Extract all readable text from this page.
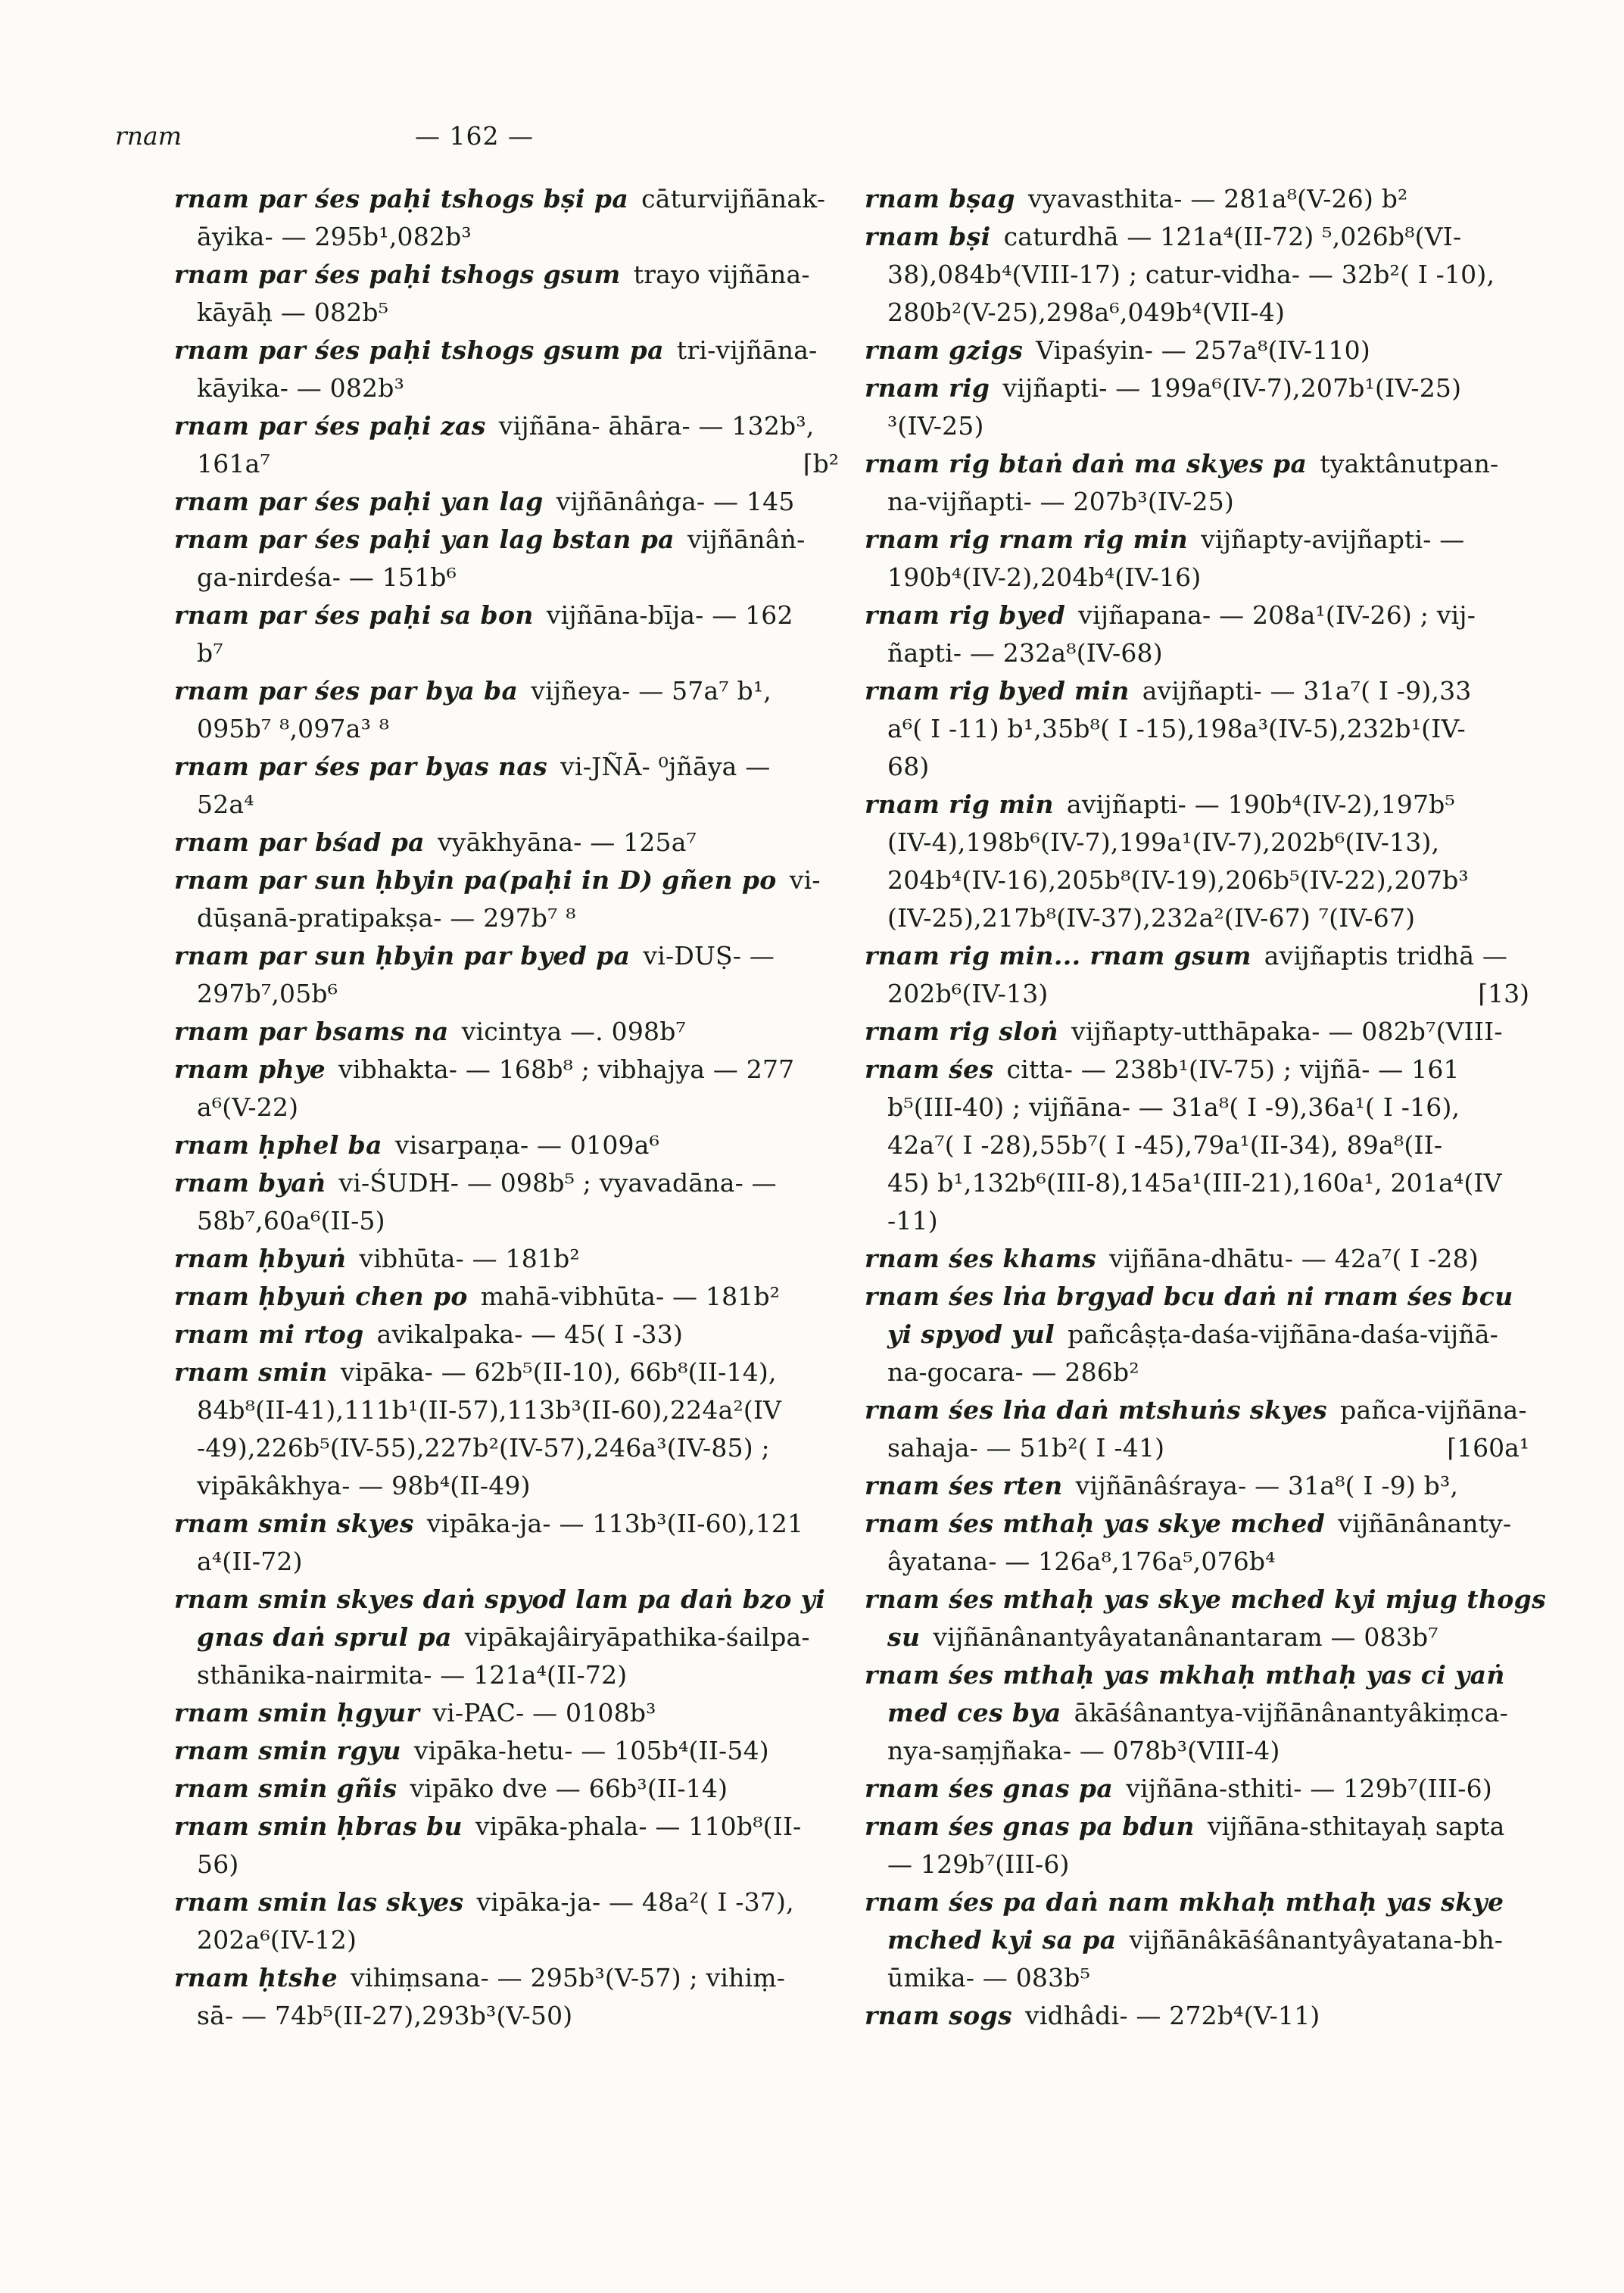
rnam	— 162 —
rnam par śes paḥi tshogs bṣi pa cāturvijñānak-
āyika- — 295b¹,082b³
rnam par śes paḥi tshogs gsum trayo vijñāna-
kāyāḥ — 082b⁵
rnam par śes paḥi tshogs gsum pa tri-vijñāna-
kāyika- — 082b³
rnam par śes paḥi zas vijñāna- āhāra- — 132b³,
⌈b²
161a⁷
rnam par śes paḥi yan lag vijñānâṅga- — 145
rnam par śes paḥi yan lag bstan pa vijñānâṅ-
ga-nirdeśa- — 151b⁶
rnam par śes paḥi sa bon vijñāna-bīja- — 162
b⁷
rnam par śes par bya ba vijñeya- — 57a⁷ b¹,
095b⁷ ⁸,097a³ ⁸
rnam par śes par byas nas vi-JÑĀ- ⁰jñāya —
52a⁴
rnam par bśad pa vyākhyāna- — 125a⁷
rnam par sun ḥbyin pa(paḥi in D) gñen po vi-
dūṣanā-pratipakṣa- — 297b⁷ ⁸
rnam par sun ḥbyin par byed pa vi-DUṢ- —
297b⁷,05b⁶
rnam par bsams na vicintya —. 098b⁷
rnam phye vibhakta- — 168b⁸ ; vibhajya — 277
a⁶(V-22)
rnam ḥphel ba visarpaṇa- — 0109a⁶
rnam byaṅ vi-ŚUDH- — 098b⁵ ; vyavadāna- —
58b⁷,60a⁶(II-5)
rnam ḥbyuṅ vibhūta- — 181b²
rnam ḥbyuṅ chen po mahā-vibhūta- — 181b²
rnam mi rtog avikalpaka- — 45( I -33)
rnam smin vipāka- — 62b⁵(II-10), 66b⁸(II-14),
84b⁸(II-41),111b¹(II-57),113b³(II-60),224a²(IV
-49),226b⁵(IV-55),227b²(IV-57),246a³(IV-85) ;
vipākâkhya- — 98b⁴(II-49)
rnam smin skyes vipāka-ja- — 113b³(II-60),121
a⁴(II-72)
rnam smin skyes daṅ spyod lam pa daṅ bzo yi
gnas daṅ sprul pa vipākajâiryāpathika-śailpa-
sthānika-nairmita- — 121a⁴(II-72)
rnam smin ḥgyur vi-PAC- — 0108b³
rnam smin rgyu vipāka-hetu- — 105b⁴(II-54)
rnam smin gñis vipāko dve — 66b³(II-14)
rnam smin ḥbras bu vipāka-phala- — 110b⁸(II-
56)
rnam smin las skyes vipāka-ja- — 48a²( I -37),
202a⁶(IV-12)
rnam ḥtshe vihiṃsana- — 295b³(V-57) ; vihiṃ-
sā- — 74b⁵(II-27),293b³(V-50)
rnam bṣag vyavasthita- — 281a⁸(V-26) b²
rnam bṣi caturdhā — 121a⁴(II-72) ⁵,026b⁸(VI-
38),084b⁴(VIII-17) ; catur-vidha- — 32b²( I -10),
280b²(V-25),298a⁶,049b⁴(VII-4)
rnam gzigs Vipaśyin- — 257a⁸(IV-110)
rnam rig vijñapti- — 199a⁶(IV-7),207b¹(IV-25)
³(IV-25)
rnam rig btaṅ daṅ ma skyes pa tyaktânutpan-
na-vijñapti- — 207b³(IV-25)
rnam rig rnam rig min vijñapty-avijñapti- —
190b⁴(IV-2),204b⁴(IV-16)
rnam rig byed vijñapana- — 208a¹(IV-26) ; vij-
ñapti- — 232a⁸(IV-68)
rnam rig byed min avijñapti- — 31a⁷( I -9),33
a⁶( I -11) b¹,35b⁸( I -15),198a³(IV-5),232b¹(IV-
68)
rnam rig min avijñapti- — 190b⁴(IV-2),197b⁵
(IV-4),198b⁶(IV-7),199a¹(IV-7),202b⁶(IV-13),
204b⁴(IV-16),205b⁸(IV-19),206b⁵(IV-22),207b³
(IV-25),217b⁸(IV-37),232a²(IV-67) ⁷(IV-67)
rnam rig min... rnam gsum avijñaptis tridhā —
⌈13)
202b⁶(IV-13)
rnam rig sloṅ vijñapty-utthāpaka- — 082b⁷(VIII-
rnam śes citta- — 238b¹(IV-75) ; vijñā- — 161
b⁵(III-40) ; vijñāna- — 31a⁸( I -9),36a¹( I -16),
42a⁷( I -28),55b⁷( I -45),79a¹(II-34), 89a⁸(II-
45) b¹,132b⁶(III-8),145a¹(III-21),160a¹, 201a⁴(IV
-11)
rnam śes khams vijñāna-dhātu- — 42a⁷( I -28)
rnam śes lṅa brgyad bcu daṅ ni rnam śes bcu
yi spyod yul pañcâṣṭa-daśa-vijñāna-daśa-vijñā-
na-gocara- — 286b²
rnam śes lṅa daṅ mtshuṅs skyes pañca-vijñāna-
⌈160a¹
sahaja- — 51b²( I -41)
rnam śes rten vijñānâśraya- — 31a⁸( I -9) b³,
rnam śes mthaḥ yas skye mched vijñānânanty-
âyatana- — 126a⁸,176a⁵,076b⁴
rnam śes mthaḥ yas skye mched kyi mjug thogs
su vijñānânantyâyatanânantaram — 083b⁷
rnam śes mthaḥ yas mkhaḥ mthaḥ yas ci yaṅ
med ces bya ākāśânantya-vijñānânantyâkiṃca-
nya-saṃjñaka- — 078b³(VIII-4)
rnam śes gnas pa vijñāna-sthiti- — 129b⁷(III-6)
rnam śes gnas pa bdun vijñāna-sthitayaḥ sapta
— 129b⁷(III-6)
rnam śes pa daṅ nam mkhaḥ mthaḥ yas skye
mched kyi sa pa vijñānâkāśânantyâyatana-bh-
ūmika- — 083b⁵
rnam sogs vidhâdi- — 272b⁴(V-11)
